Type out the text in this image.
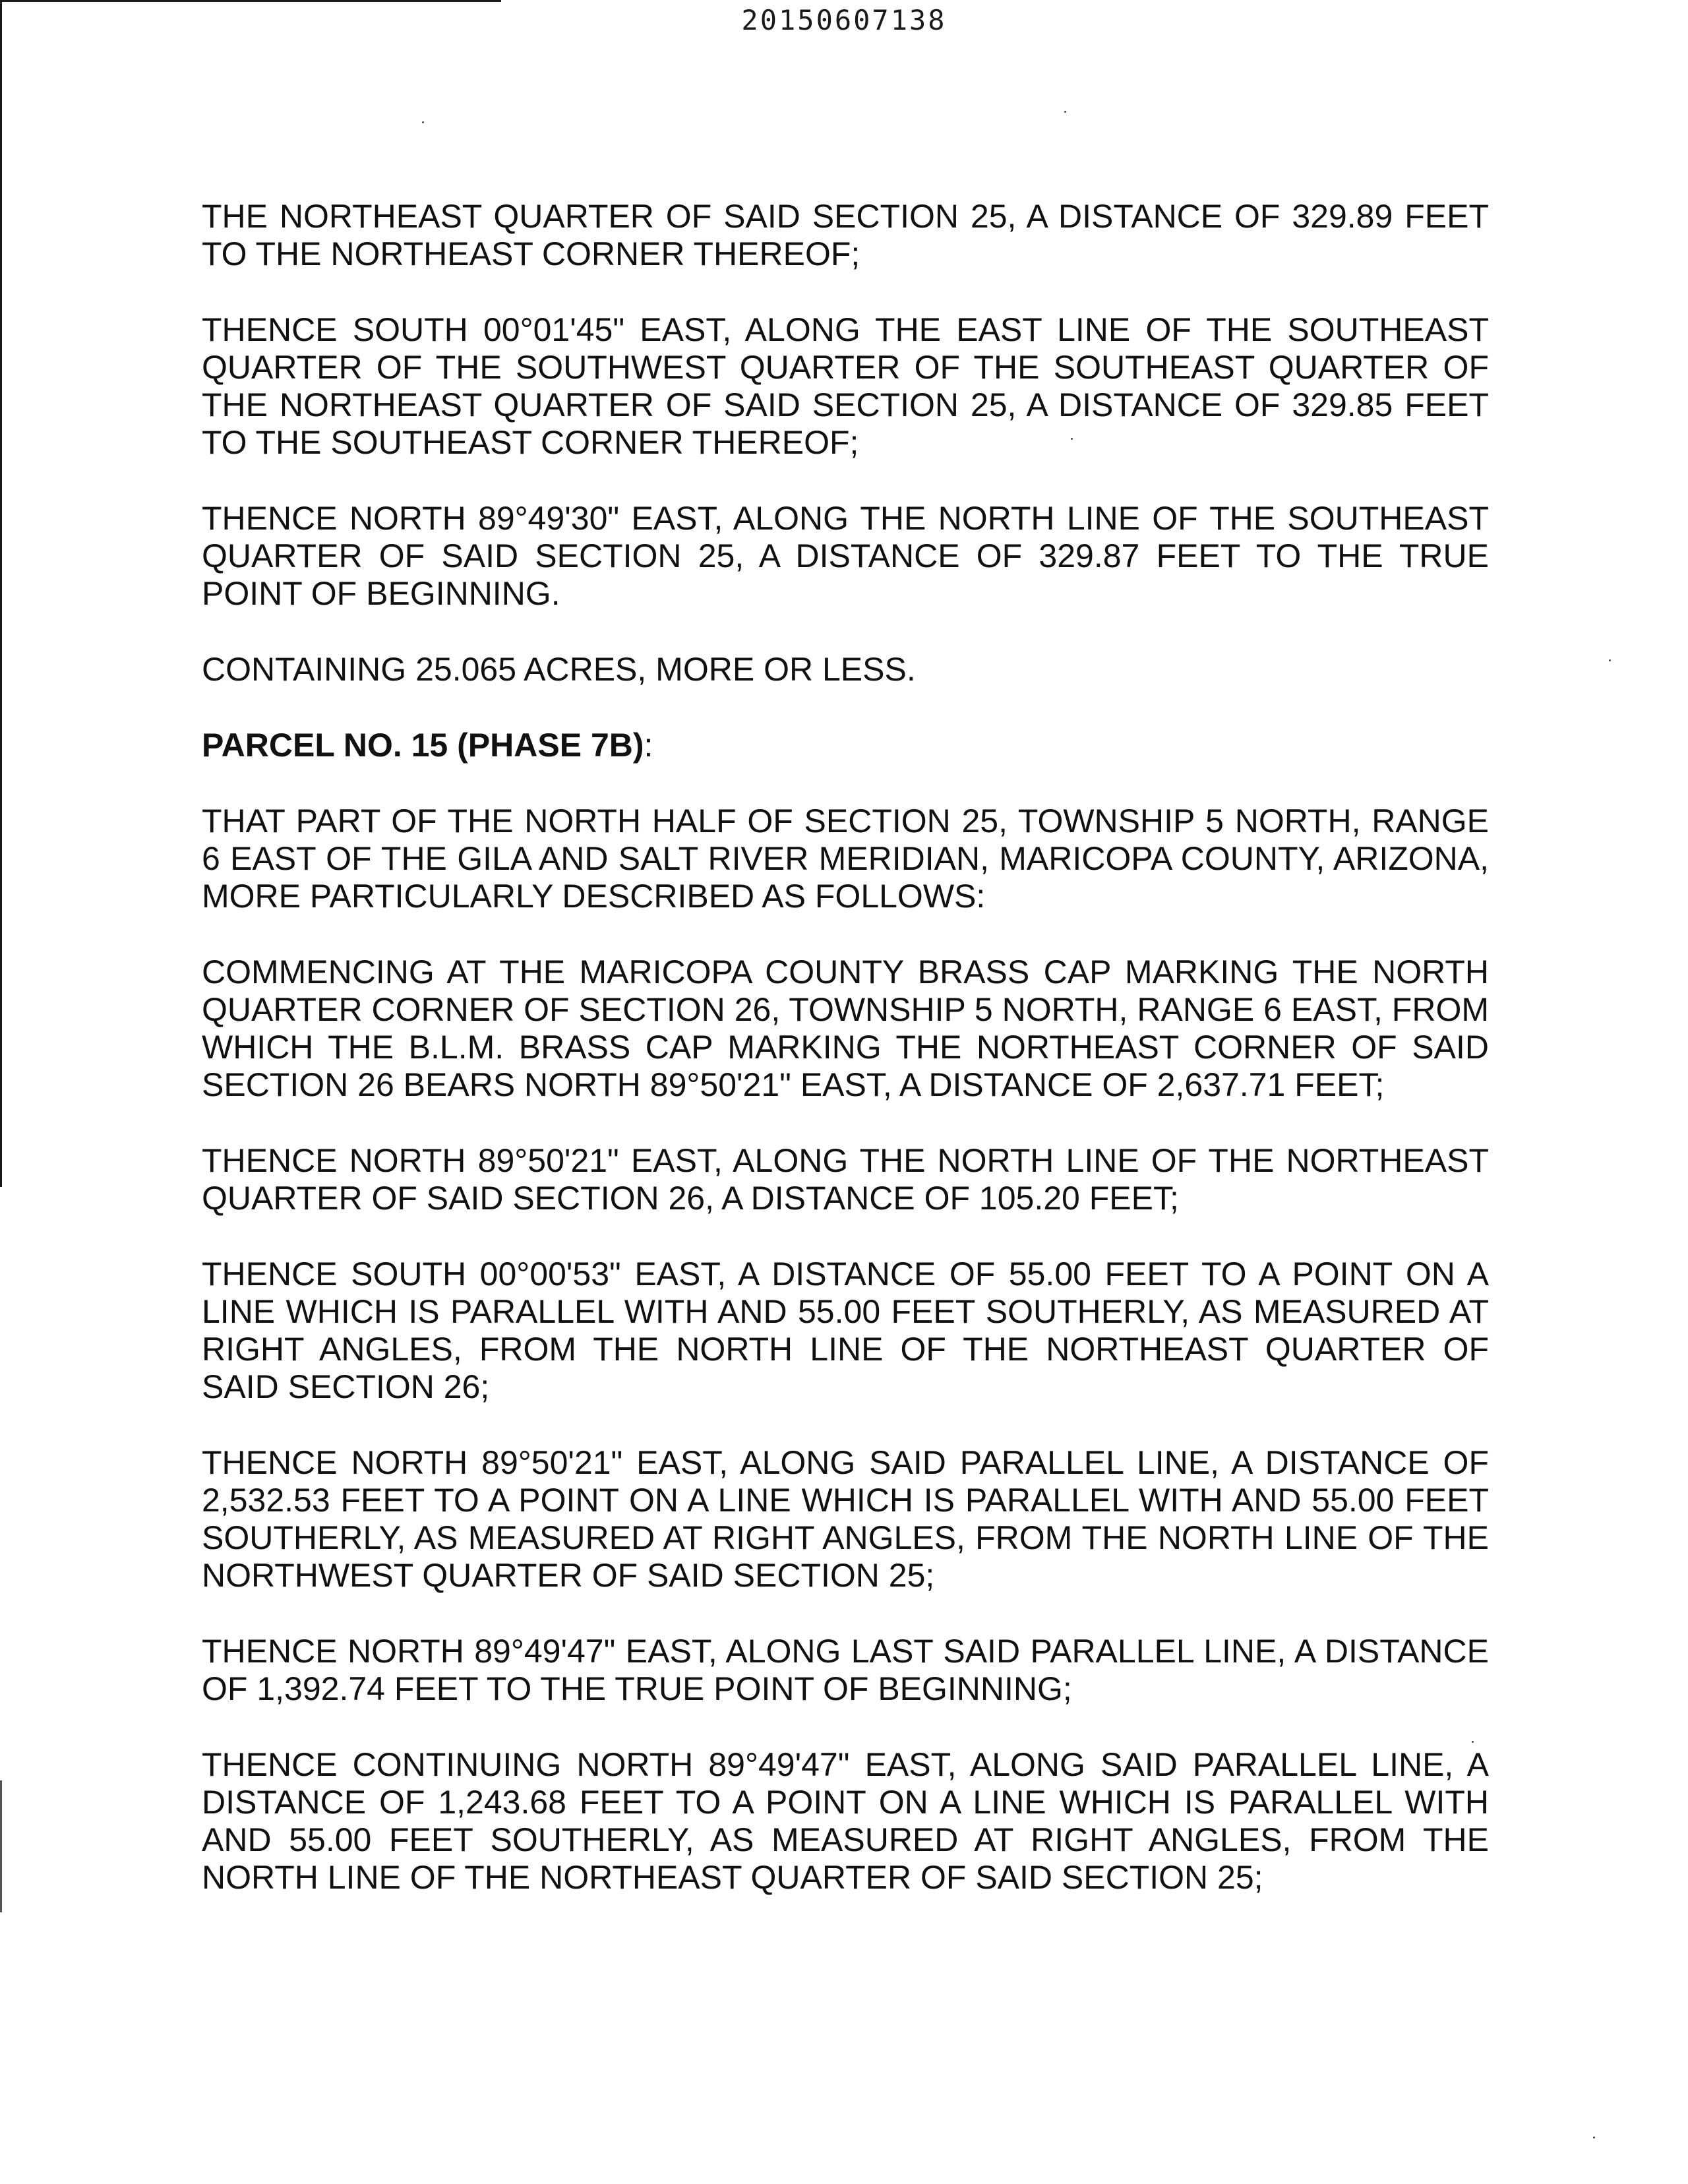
20150607138

THE NORTHEAST QUARTER OF SAID SECTION 25, A DISTANCE OF 329.89 FEET TO THE NORTHEAST CORNER THEREOF;

THENCE SOUTH 00°01'45" EAST, ALONG THE EAST LINE OF THE SOUTHEAST QUARTER OF THE SOUTHWEST QUARTER OF THE SOUTHEAST QUARTER OF THE NORTHEAST QUARTER OF SAID SECTION 25, A DISTANCE OF 329.85 FEET TO THE SOUTHEAST CORNER THEREOF;

THENCE NORTH 89°49'30" EAST, ALONG THE NORTH LINE OF THE SOUTHEAST QUARTER OF SAID SECTION 25, A DISTANCE OF 329.87 FEET TO THE TRUE POINT OF BEGINNING.

CONTAINING 25.065 ACRES, MORE OR LESS.

PARCEL NO. 15 (PHASE 7B):

THAT PART OF THE NORTH HALF OF SECTION 25, TOWNSHIP 5 NORTH, RANGE 6 EAST OF THE GILA AND SALT RIVER MERIDIAN, MARICOPA COUNTY, ARIZONA, MORE PARTICULARLY DESCRIBED AS FOLLOWS:

COMMENCING AT THE MARICOPA COUNTY BRASS CAP MARKING THE NORTH QUARTER CORNER OF SECTION 26, TOWNSHIP 5 NORTH, RANGE 6 EAST, FROM WHICH THE B.L.M. BRASS CAP MARKING THE NORTHEAST CORNER OF SAID SECTION 26 BEARS NORTH 89°50'21" EAST, A DISTANCE OF 2,637.71 FEET;

THENCE NORTH 89°50'21" EAST, ALONG THE NORTH LINE OF THE NORTHEAST QUARTER OF SAID SECTION 26, A DISTANCE OF 105.20 FEET;

THENCE SOUTH 00°00'53" EAST, A DISTANCE OF 55.00 FEET TO A POINT ON A LINE WHICH IS PARALLEL WITH AND 55.00 FEET SOUTHERLY, AS MEASURED AT RIGHT ANGLES, FROM THE NORTH LINE OF THE NORTHEAST QUARTER OF SAID SECTION 26;

THENCE NORTH 89°50'21" EAST, ALONG SAID PARALLEL LINE, A DISTANCE OF 2,532.53 FEET TO A POINT ON A LINE WHICH IS PARALLEL WITH AND 55.00 FEET SOUTHERLY, AS MEASURED AT RIGHT ANGLES, FROM THE NORTH LINE OF THE NORTHWEST QUARTER OF SAID SECTION 25;

THENCE NORTH 89°49'47" EAST, ALONG LAST SAID PARALLEL LINE, A DISTANCE OF 1,392.74 FEET TO THE TRUE POINT OF BEGINNING;

THENCE CONTINUING NORTH 89°49'47" EAST, ALONG SAID PARALLEL LINE, A DISTANCE OF 1,243.68 FEET TO A POINT ON A LINE WHICH IS PARALLEL WITH AND 55.00 FEET SOUTHERLY, AS MEASURED AT RIGHT ANGLES, FROM THE NORTH LINE OF THE NORTHEAST QUARTER OF SAID SECTION 25;
